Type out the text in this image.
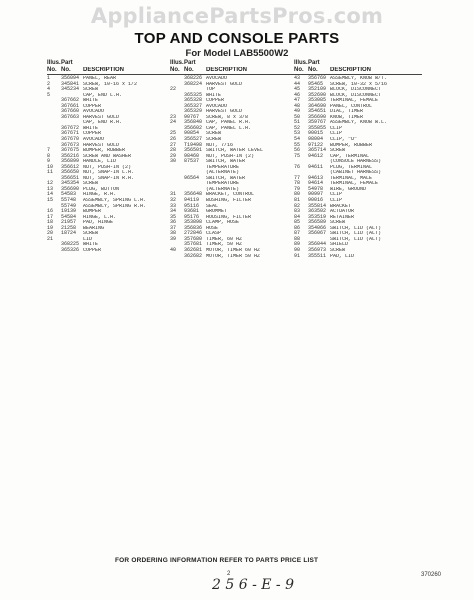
AppliancePartsPros.com
TOP AND CONSOLE PARTS
For Model LAB5500W2
Illus. Part
No. No.	DESCRIPTION
1	356094 PANEL, REAR
2	345841 SCREW, 10-16 x 1/2
4	345234 SCREW
5	CAP, END L.H.
367662 WHITE
367661 COPPER
367660 AVOCADO
367663 HARVEST GOLD
CAP, END R.H.
367672 WHITE
367671 COPPER
367670 AVOCADO
367673 HARVEST GOLD
7	367675 BUMPER, RUBBER
8	356216 SCREW AND WASHER
9	356899 HANDLE, LID
10	356612 NUT, PUSH-IN (2)
11	356650 NUT, SNAP-IN L.H.
356651 NUT, SNAP-IN R.H.
12	345354 SCREW
13	356690 PLUG, BUTTON
14	54583	HINGE, R.H.
15	55748	ASSEMBLY, SPRING L.H.
55749	ASSEMBLY, SPRING R.H.
16	19139	BUMPER
17	54584	HINGE, L.H.
18	21957	PAD, HINGE
19	21258	BEARING
20	18724	SCREW
21	LID
368225 WHITE
365326 COPPER
Illus. Part
No. No.	DESCRIPTION
368226 AVOCADO
368224 HARVEST GOLD
22	TOP
365325 WHITE
365328 COPPER
365327 AVOCADO
365329 HARVEST GOLD
23	90767	SCREW, 8 x 3/8
24	356840 CAP, PANEL R.H.
356602 CAP, PANEL L.H.
25	90854	SCREW
26	356527 SCREW
27	T19498 NUT, 7/16
28	356501 SWITCH, WATER LEVEL
29	98460	NUT, PUSH-IN (2)
30	87537	SWITCH, WATER
TEMPERATURE
(ALTERNATE)
96564	SWITCH, WATER
TEMPERATURE
(ALTERNATE)
31	356648 BRACKET, CONTROL
32	94119	BUSHING, FILTER
33	95116	SEAL
34	93681	GROMMET
35	95176	HOUSING, FILTER
36	353898 CLAMP, HOSE
37	356836 HOSE
38	272846 CLASP
39	357680 TIMER, 60 HZ
357681 TIMER, 50 HZ
40	362681 MOTOR, TIMER 60 HZ
362682 MOTOR, TIMER 50 HZ
Illus. Part
No. No.	DESCRIPTION
43	356769 ASSEMBLY, KNOB W/T.
44	95465	SCREW, 10-32 x 5/16
45	352109 BLOCK, DISCONNECT
46	352690 BLOCK, DISCONNECT
47	353085 TERMINAL, FEMALE
48	364690 PANEL, CONTROL
49	354651 DIAL, TIMER
50	356690 KNOB, TIMER
51	359767 ASSEMBLY, KNOB W.L.
52	355855 CLIP
53	90015	CLIP
54	98004	CLIP, "U"
55	97122	BUMPER, RUBBER
56	365714 SCREW
75	94612	CAP, TERMINAL
(CONSOLE HARNESS)
76	94611	PLUG, TERMINAL
(CABINET HARNESS)
77	94613	TERMINAL, MALE
78	94614	TERMINAL, FEMALE
79	54978	WIRE, GROUND
80	90997	CLIP
81	90016	CLIP
82	355814 BRACKET
83	363502 ACTUATOR
84	353519 RETAINER
85	356589 SCREW
86	354066 SWITCH, LID (ALT)
87	356067 SWITCH, LID (ALT)
88	SWITCH, LID (ALT)
89	356044 SHIELD
90	356973 SCREW
91	355511 PAD, LID
FOR ORDERING INFORMATION REFER TO PARTS PRICE LIST
2	370260
2 5 6 - E - 9
